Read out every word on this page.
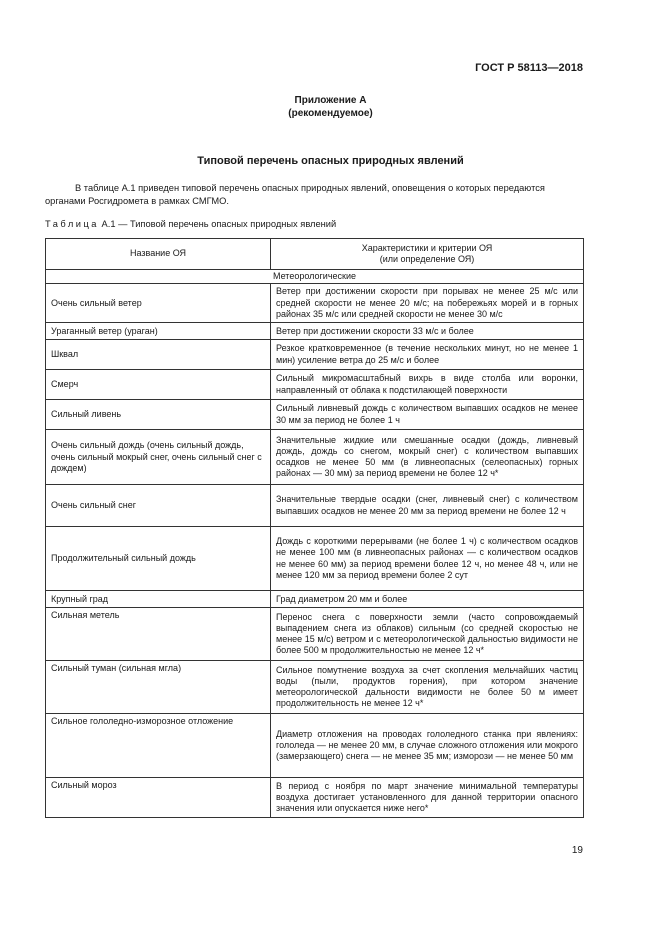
ГОСТ Р 58113—2018
Приложение А
(рекомендуемое)
Типовой перечень опасных природных явлений

В таблице А.1 приведен типовой перечень опасных природных явлений, оповещения о которых передаются органами Росгидромета в рамках СМГМО.

Таблица А.1 — Типовой перечень опасных природных явлений
Название ОЯ	Характеристики и критерии ОЯ
(или определение ОЯ)

Метеорологические	
Очень сильный ветер	Ветер при достижении скорости при порывах не менее 25 м/с или средней скорости не менее 20 м/с; на побережьях морей и в горных районах 35 м/с или средней скорости не менее 30 м/с
Ураганный ветер (ураган)	Ветер при достижении скорости 33 м/с и более
Шквал	Резкое кратковременное (в течение нескольких минут, но не менее 1 мин) усиление ветра до 25 м/с и более
Смерч	Сильный микромасштабный вихрь в виде столба или воронки, направленный от облака к подстилающей поверхности
Сильный ливень	Сильный ливневый дождь с количеством выпавших осадков не менее 30 мм за период не более 1 ч
Очень сильный дождь (очень сильный дождь, очень сильный мокрый снег, очень сильный снег с дождем)	Значительные жидкие или смешанные осадки (дождь, ливневый дождь, дождь со снегом, мокрый снег) с количеством выпавших осадков не менее 50 мм (в ливнеопасных (селеопасных) горных районах — 30 мм) за период времени не более 12 ч*
Очень сильный снег	Значительные твердые осадки (снег, ливневый снег) с количеством выпавших осадков не менее 20 мм за период времени не более 12 ч
Продолжительный сильный дождь	Дождь с короткими перерывами (не более 1 ч) с количеством осадков не менее 100 мм (в ливнеопасных районах — с количеством осадков не менее 60 мм) за период времени более 12 ч, но менее 48 ч, или не менее 120 мм за период времени более 2 сут
Крупный град	Град диаметром 20 мм и более
Сильная метель	Перенос снега с поверхности земли (часто сопровождаемый выпадением снега из облаков) сильным (со средней скоростью не менее 15 м/с) ветром и с метеорологической дальностью видимости не более 500 м продолжительностью не менее 12 ч*
Сильный туман (сильная мгла)	Сильное помутнение воздуха за счет скопления мельчайших частиц воды (пыли, продуктов горения), при котором значение метеорологической дальности видимости не более 50 м имеет продолжительность не менее 12 ч*
Сильное гололедно-изморозное отложение	Диаметр отложения на проводах гололедного станка при явлениях: гололеда — не менее 20 мм, в случае сложного отложения или мокрого (замерзающего) снега — не менее 35 мм; изморози — не менее 50 мм
Сильный мороз	В период с ноября по март значение минимальной температуры воздуха достигает установленного для данной территории опасного значения или опускается ниже него*
19
